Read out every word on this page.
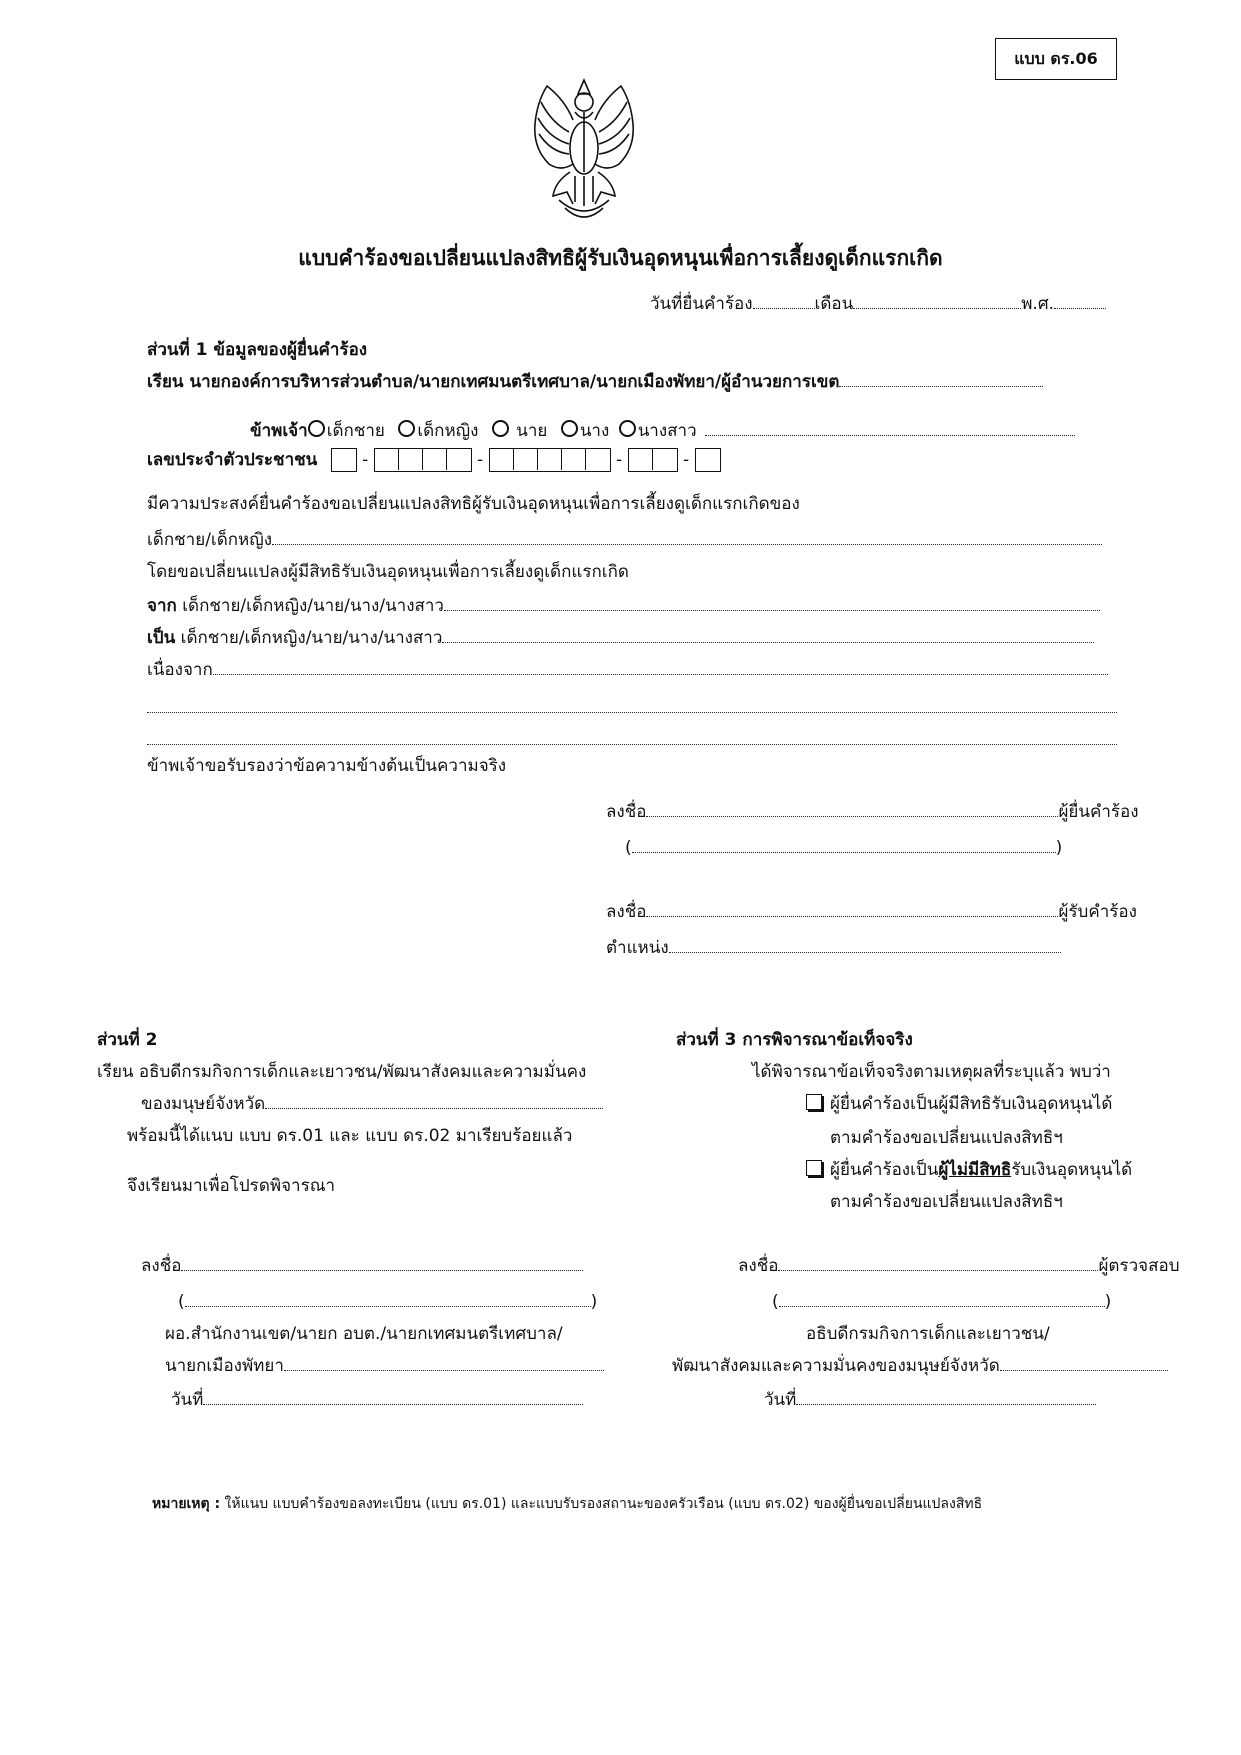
แบบ ดร.06
แบบคำร้องขอเปลี่ยนแปลงสิทธิผู้รับเงินอุดหนุนเพื่อการเลี้ยงดูเด็กแรกเกิด
วันที่ยื่นคำร้อง	เดือน	พ.ศ.
ส่วนที่ 1 ข้อมูลของผู้ยื่นคำร้อง
เรียน นายกองค์การบริหารส่วนตำบล/นายกเทศมนตรีเทศบาล/นายกเมืองพัทยา/ผู้อำนวยการเขต
ข้าพเจ้า เด็กชาย เด็กหญิง  นาย นาง นางสาว
เลขประจำตัวประชาชน  -	-	-	-
มีความประสงค์ยื่นคำร้องขอเปลี่ยนแปลงสิทธิผู้รับเงินอุดหนุนเพื่อการเลี้ยงดูเด็กแรกเกิดของ
เด็กชาย/เด็กหญิง
โดยขอเปลี่ยนแปลงผู้มีสิทธิรับเงินอุดหนุนเพื่อการเลี้ยงดูเด็กแรกเกิด
จาก เด็กชาย/เด็กหญิง/นาย/นาง/นางสาว
เป็น เด็กชาย/เด็กหญิง/นาย/นาง/นางสาว
เนื่องจาก
ข้าพเจ้าขอรับรองว่าข้อความข้างต้นเป็นความจริง
ลงชื่อ	ผู้ยื่นคำร้อง
(	)
ลงชื่อ	ผู้รับคำร้อง
ตำแหน่ง
ส่วนที่ 2
เรียน อธิบดีกรมกิจการเด็กและเยาวชน/พัฒนาสังคมและความมั่นคง
ของมนุษย์จังหวัด
พร้อมนี้ได้แนบ แบบ ดร.01 และ แบบ ดร.02 มาเรียบร้อยแล้ว
จึงเรียนมาเพื่อโปรดพิจารณา
ลงชื่อ
(	)
ผอ.สำนักงานเขต/นายก อบต./นายกเทศมนตรีเทศบาล/
นายกเมืองพัทยา
วันที่
ส่วนที่ 3 การพิจารณาข้อเท็จจริง
ได้พิจารณาข้อเท็จจริงตามเหตุผลที่ระบุแล้ว พบว่า
ผู้ยื่นคำร้องเป็นผู้มีสิทธิรับเงินอุดหนุนได้
ตามคำร้องขอเปลี่ยนแปลงสิทธิฯ
ผู้ยื่นคำร้องเป็นผู้ไม่มีสิทธิรับเงินอุดหนุนได้
ตามคำร้องขอเปลี่ยนแปลงสิทธิฯ
ลงชื่อ	ผู้ตรวจสอบ
(	)
อธิบดีกรมกิจการเด็กและเยาวชน/
พัฒนาสังคมและความมั่นคงของมนุษย์จังหวัด
วันที่
หมายเหตุ : ให้แนบ แบบคำร้องขอลงทะเบียน (แบบ ดร.01) และแบบรับรองสถานะของครัวเรือน (แบบ ดร.02) ของผู้ยื่นขอเปลี่ยนแปลงสิทธิ
